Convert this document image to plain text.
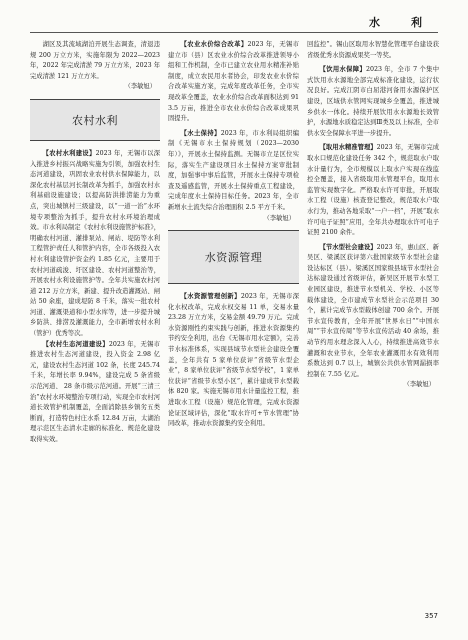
水　利

湖区及其流域湖泊开展生态调查，清退违规 200 万立方米，实施年限为 2022—2023 年，2022 年完成清淤 79 万立方米，2023 年完成清淤 121 万立方米。

（李敏旭）

农村水利

【农村水利建设】2023 年，无锡市以深入推进乡村振兴战略实施为引领，加强农村生态河道建设，巩固农业农村供水保障能力，以深化农村基层河长制改革为抓手，加强农村水利基础设施建设；以提高防洪排涝能力为重点，突出城镇村三级建设，以“一道一治”水环境专项整治为抓手，提升农村水环境治理成效。市水利局制定《农村水利设施管护标准》，明确农村河道、灌排泵站、闸站、堤防等水利工程管护责任人和管护内容，全市各级投入农村水利建设管护资金约 1.85 亿元，主要用于农村河道疏浚、圩区建设、农村河道整治等，开展农村水利设施管护等。全年共实施农村河道 212 万立方米，新建、提升改造灌溉站、闸站 50 余座，建成堤防 8 千米，落实一批农村河道、灌溉渠道和小型水库等，进一步提升城乡防洪、排涝及灌溉能力，全市新增农村水利（管护）优秀等次。

【农村生态河道建设】2023 年，无锡市推进农村生态河道建设，投入资金 2.98 亿元，建设农村生态河道 102 条，长度 245.74 千米，年增长率 9.94%，建设完成 5 条省级示范河道、 28 条市级示范河道。开展“三清三治”农村水环境整治专项行动，实现全市农村河道长效管护机制覆盖，全面消除县乡镇劣五类断面，打造特色村庄水系 12.84 万亩，太湖治理示范区生态清水走廊的标准化、规范化建设取得实效。

【农业水价综合改革】2023 年，无锡市建立市（县）区农业水价综合改革推进领导小组和工作机制，全市已建立农业用水精准补贴制度，成立农民用水者协会，印发农业水价综合改革实施方案，完成年度改革任务，全市实现改革全覆盖，农业水价综合改革面积达到 913.5 万亩，推进全市农业水价综合改革成果巩固提升。

【水土保持】2023 年，市水利局组织编制《无锡市水土保持规划（2023—2030 年）》，开展水土保持监测。无锡市立足区位实际，落实生产建设项目水土保持方案审批制度，加强事中事后监管，开展水土保持专项检查及遥感监管，开展水土保持重点工程建设，完成年度水土保持目标任务。2023 年，全市新增水土流失综合治理面积 2.5 平方千米。

（李敏旭）

水资源管理

【水资源管理创新】2023 年，无锡市深化水权改革，完成水权交易 11 单，交易水量 23.28 万立方米，交易金额 49.79 万元。完成水资源刚性约束实践与创新，推进水资源集约节约安全利用，出台《无锡市用水定额》，完善节水标准体系，实现县域节水型社会建设全覆盖，全年共有 5 家单位获评“省级节水型企业”，8 家单位获评“省级节水型学校”，1 家单位获评“省级节水型小区”，累计建成节水型载体 820 家。实施无锡市用水计量监控工程，推进取水工程（设施）规范化管理，完成水资源论证区域评估，深化“取水许可+节水管理”协同改革，推动水资源集约安全利用。

回监控”。锡山区取用水智慧化管理平台建设获省级优秀水资源成果奖一等奖。

【饮用水保障】2023 年，全市 7 个集中式饮用水水源地全部完成标准化建设，运行状况良好。完成江阴市白屈港河备用水源保护区建设，区域供水管网实现城乡全覆盖，推进城乡供水一体化。持续开展饮用水水源地长效管护，水源地水质稳定达到Ⅲ类及以上标准，全市供水安全保障水平进一步提升。

【取用水精准管理】2023 年，无锡市完成取水口规范化建设任务 342 个，规范取水户取水计量行为，全市规模以上取水户实现在线监控全覆盖，接入省级取用水管理平台，取用水监管实现数字化。严格取水许可审批，开展取水工程（设施）核查登记整改，规范取水户取水行为，推动各地采取“一户一档”，开展“取水许可电子证照”应用，全年共办理取水许可电子证照 2100 余件。

【节水型社会建设】2023 年，惠山区、新吴区、梁溪区获评第六批国家级节水型社会建设达标区（县）。梁溪区国家级县域节水型社会达标建设通过省级评估，新吴区开展节水型工业园区建设，推进节水型机关、学校、小区等载体建设，全市建成节水型社会示范项目 30 个，累计完成节水型载体创建 700 余个。开展节水宣传教育，全年开展“世界水日”“中国水周”“节水宣传周”等节水宣传活动 40 余场，推动节约用水理念深入人心，持续推进高效节水灌溉和农业节水，全年农业灌溉用水有效利用系数达到 0.7 以上，城镇公共供水管网漏损率控制在 7.55 亿元。

（李敏旭）

357
